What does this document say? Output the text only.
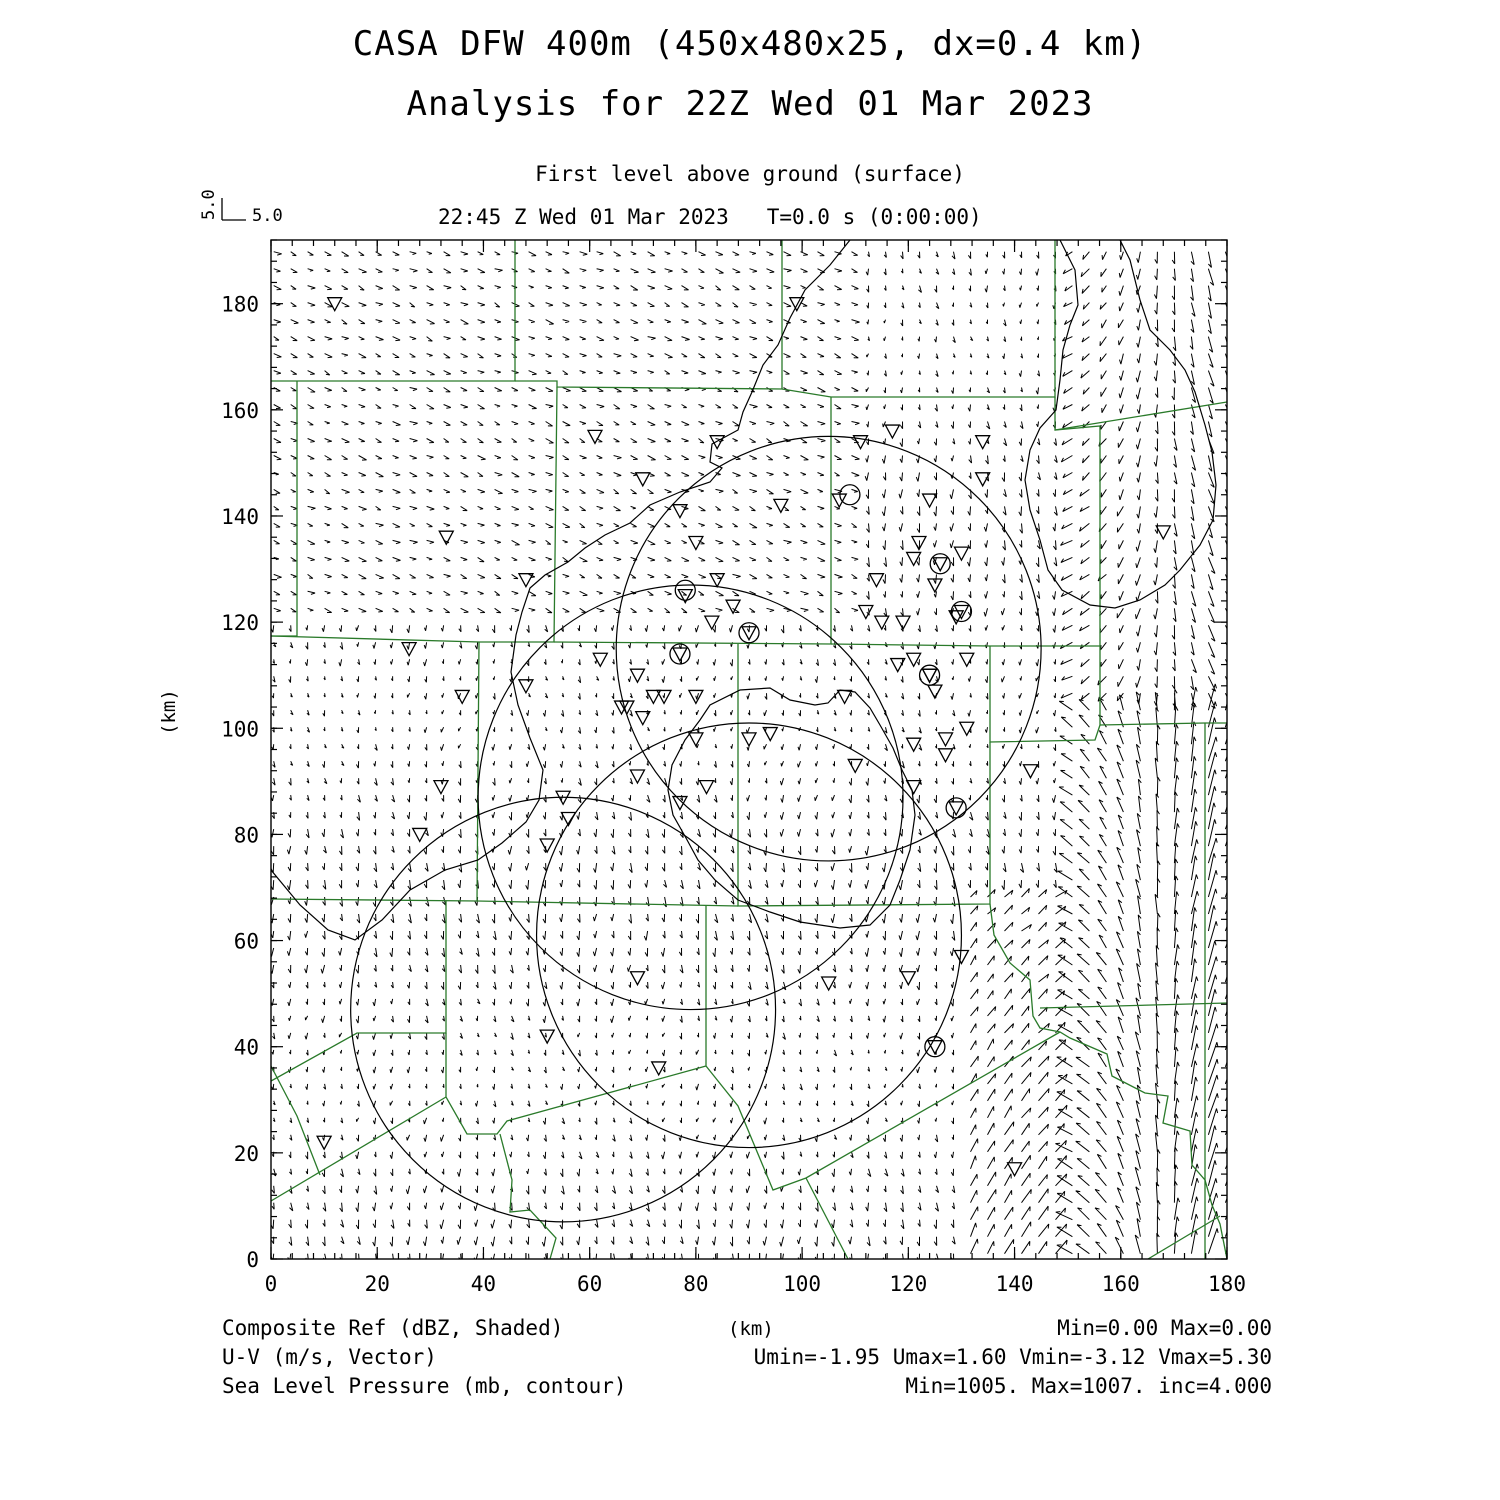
CASA DFW 400m (450x480x25, dx=0.4 km)
Analysis for 22Z Wed 01 Mar 2023
First level above ground (surface)
22:45 Z Wed 01 Mar 2023   T=0.0 s (0:00:00)
Composite Ref (dBZ, Shaded)
U-V (m/s, Vector)
Sea Level Pressure (mb, contour)
Min=0.00 Max=0.00
Umin=-1.95 Umax=1.60 Vmin=-3.12 Vmax=5.30
Min=1005. Max=1007. inc=4.000
(km)
(km)
0	20	40	60	80	100	120	140	160	180
0
20
40
60
80
100
120
140
160
180
5.0
5.0
